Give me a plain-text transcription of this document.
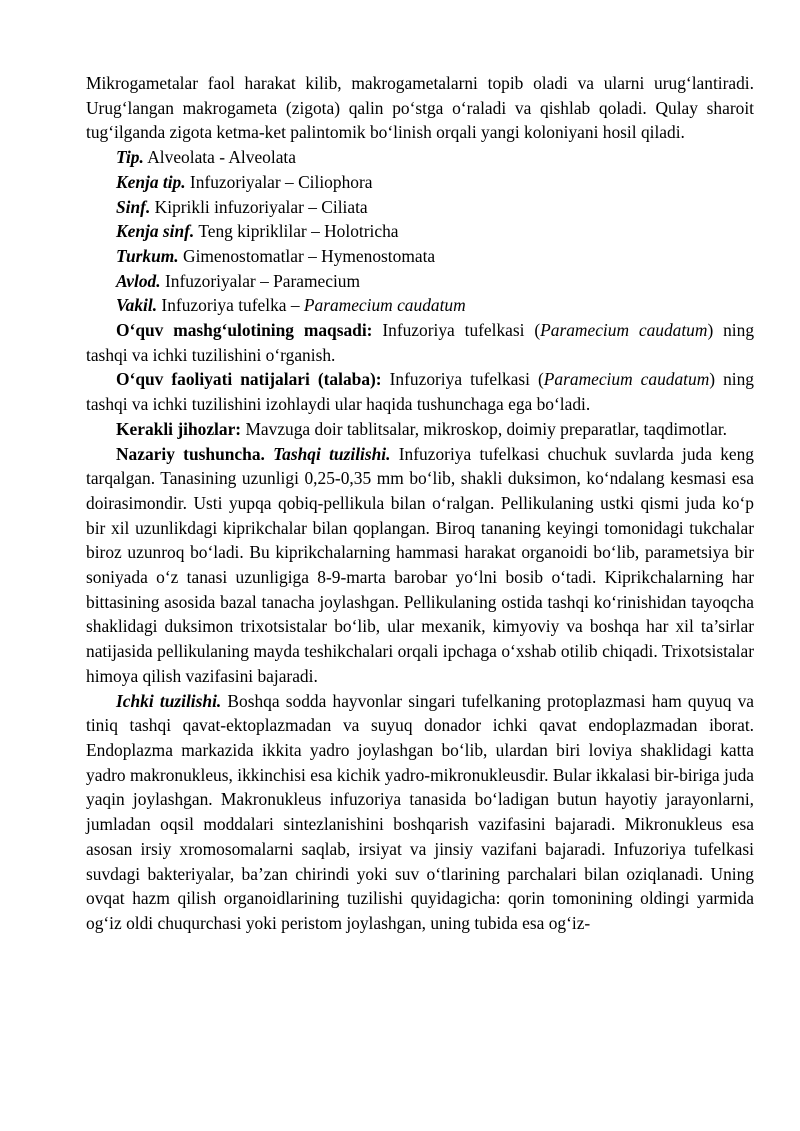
Mikrogametalar faol harakat kilib, makrogametalarni topib oladi va ularni urug‘lantiradi. Urug‘langan makrogameta (zigota) qalin po‘stga o‘raladi va qishlab qoladi. Qulay sharoit tug‘ilganda zigota ketma-ket palintomik bo‘linish orqali yangi koloniyani hosil qiladi.

Tip. Alveolata - Alveolata

Kenja tip. Infuzoriyalar – Ciliophora

Sinf. Kiprikli infuzoriyalar – Ciliata

Kenja sinf. Teng kipriklilar – Holotricha

Turkum. Gimenostomatlar – Hymenostomata

Avlod. Infuzoriyalar – Paramecium

Vakil. Infuzoriya tufelka – Paramecium caudatum

O‘quv mashg‘ulotining maqsadi: Infuzoriya tufelkasi (Paramecium caudatum) ning tashqi va ichki tuzilishini o‘rganish.

O‘quv faoliyati natijalari (talaba): Infuzoriya tufelkasi (Paramecium caudatum) ning tashqi va ichki tuzilishini izohlaydi ular haqida tushunchaga ega bo‘ladi.

Kerakli jihozlar: Mavzuga doir tablitsalar, mikroskop, doimiy preparatlar, taqdimotlar.

Nazariy tushuncha. Tashqi tuzilishi. Infuzoriya tufelkasi chuchuk suvlarda juda keng tarqalgan. Tanasining uzunligi 0,25-0,35 mm bo‘lib, shakli duksimon, ko‘ndalang kesmasi esa doirasimondir. Usti yupqa qobiq-pellikula bilan o‘ralgan. Pellikulaning ustki qismi juda ko‘p bir xil uzunlikdagi kiprikchalar bilan qoplangan. Biroq tananing keyingi tomonidagi tukchalar biroz uzunroq bo‘ladi. Bu kiprikchalarning hammasi harakat organoidi bo‘lib, parametsiya bir soniyada o‘z tanasi uzunligiga 8-9-marta barobar yo‘lni bosib o‘tadi. Kiprikchalarning har bittasining asosida bazal tanacha joylashgan. Pellikulaning ostida tashqi ko‘rinishidan tayoqcha shaklidagi duksimon trixotsistalar bo‘lib, ular mexanik, kimyoviy va boshqa har xil ta’sirlar natijasida pellikulaning mayda teshikchalari orqali ipchaga o‘xshab otilib chiqadi. Trixotsistalar himoya qilish vazifasini bajaradi.

Ichki tuzilishi. Boshqa sodda hayvonlar singari tufelkaning protoplazmasi ham quyuq va tiniq tashqi qavat-ektoplazmadan va suyuq donador ichki qavat endoplazmadan iborat. Endoplazma markazida ikkita yadro joylashgan bo‘lib, ulardan biri loviya shaklidagi katta yadro makronukleus, ikkinchisi esa kichik yadro-mikronukleusdir. Bular ikkalasi bir-biriga juda yaqin joylashgan. Makronukleus infuzoriya tanasida bo‘ladigan butun hayotiy jarayonlarni, jumladan oqsil moddalari sintezlanishini boshqarish vazifasini bajaradi. Mikronukleus esa asosan irsiy xromosomalarni saqlab, irsiyat va jinsiy vazifani bajaradi. Infuzoriya tufelkasi suvdagi bakteriyalar, ba’zan chirindi yoki suv o‘tlarining parchalari bilan oziqlanadi. Uning ovqat hazm qilish organoidlarining tuzilishi quyidagicha: qorin tomonining oldingi yarmida og‘iz oldi chuqurchasi yoki peristom joylashgan, uning tubida esa og‘iz-
